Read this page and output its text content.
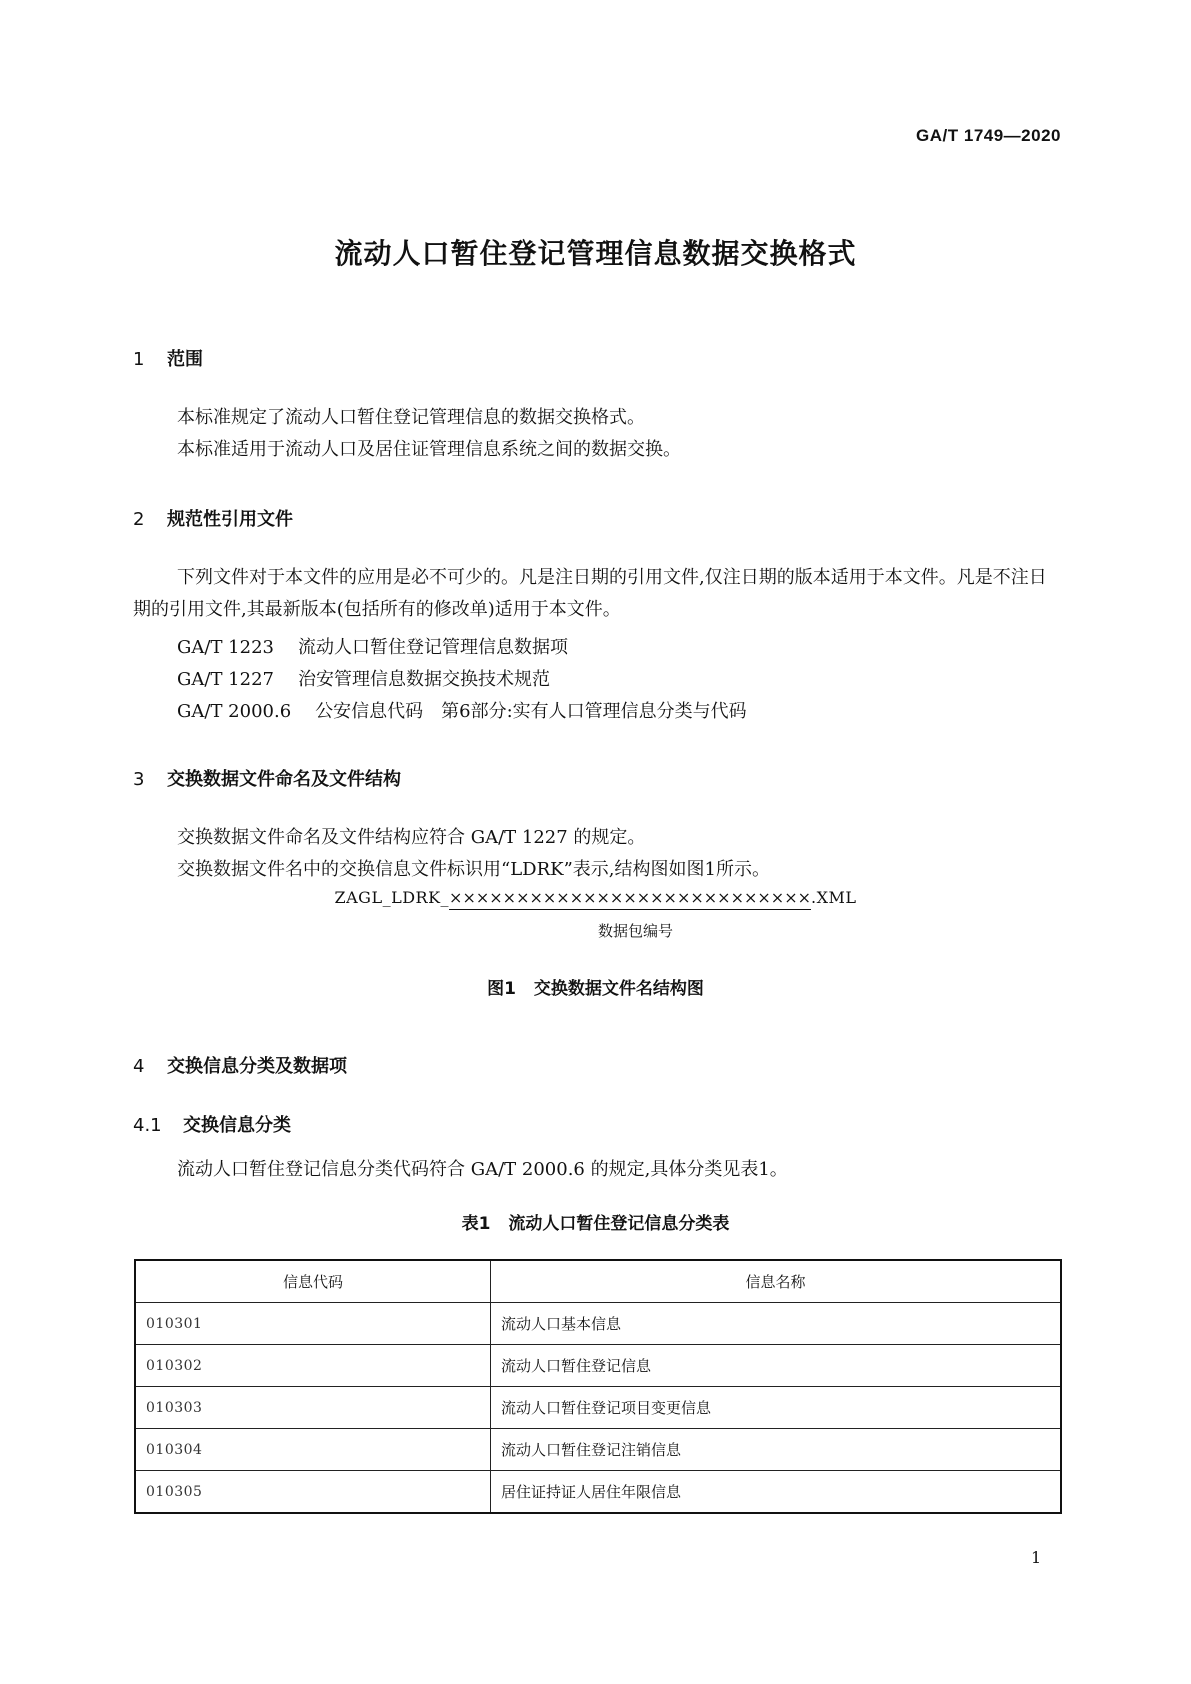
GA/T 1749—2020
流动人口暂住登记管理信息数据交换格式
1 范围
本标准规定了流动人口暂住登记管理信息的数据交换格式。
本标准适用于流动人口及居住证管理信息系统之间的数据交换。
2 规范性引用文件
下列文件对于本文件的应用是必不可少的。凡是注日期的引用文件,仅注日期的版本适用于本文件。凡是不注日期的引用文件,其最新版本(包括所有的修改单)适用于本文件。
GA/T 1223 流动人口暂住登记管理信息数据项
GA/T 1227 治安管理信息数据交换技术规范
GA/T 2000.6 公安信息代码　第6部分:实有人口管理信息分类与代码
3 交换数据文件命名及文件结构
交换数据文件命名及文件结构应符合 GA/T 1227 的规定。
交换数据文件名中的交换信息文件标识用“LDRK”表示,结构图如图1所示。
ZAGL_LDRK_×××××××××××××××××××××××××××.XML
数据包编号
图1 交换数据文件名结构图
4 交换信息分类及数据项
4.1 交换信息分类
流动人口暂住登记信息分类代码符合 GA/T 2000.6 的规定,具体分类见表1。
表1 流动人口暂住登记信息分类表
信息代码	信息名称
010301	流动人口基本信息
010302	流动人口暂住登记信息
010303	流动人口暂住登记项目变更信息
010304	流动人口暂住登记注销信息
010305	居住证持证人居住年限信息
1
